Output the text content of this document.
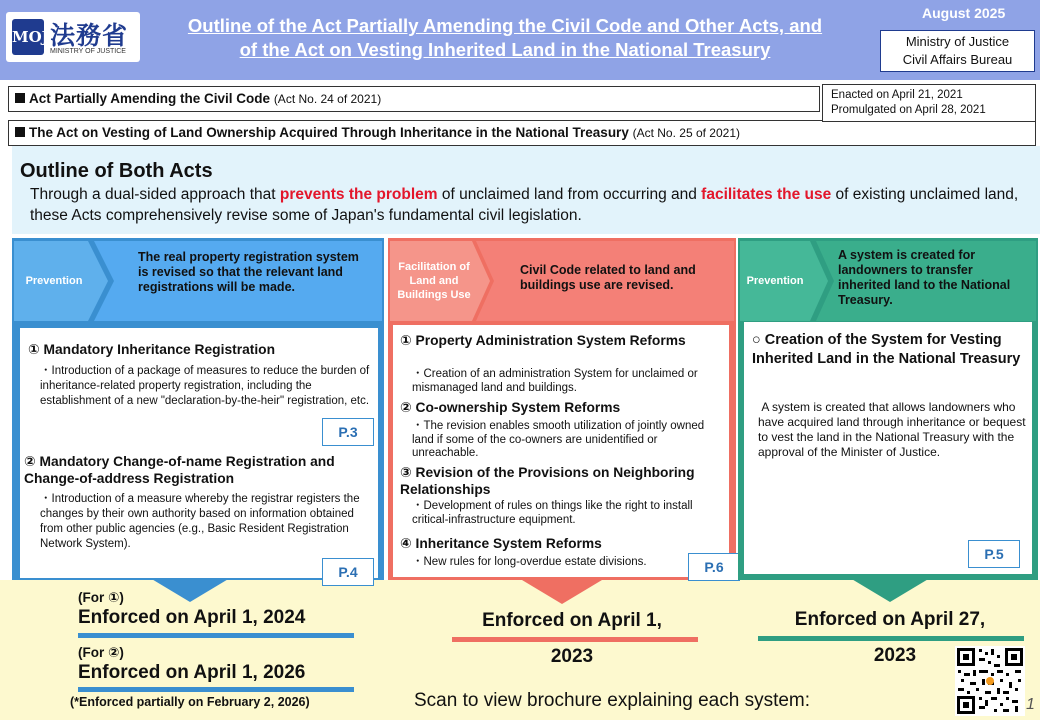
MOJ 法務省
MINISTRY OF JUSTICE
Outline of the Act Partially Amending the Civil Code and Other Acts, and
of the Act on Vesting Inherited Land in the National Treasury
August 2025
Ministry of Justice
Civil Affairs Bureau
Act Partially Amending the Civil Code (Act No. 24 of 2021)
The Act on Vesting of Land Ownership Acquired Through Inheritance in the National Treasury (Act No. 25 of 2021)
Enacted on April 21, 2021
Promulgated on April 28, 2021
Outline of Both Acts
Through a dual-sided approach that prevents the problem of unclaimed land from occurring and facilitates the use of existing unclaimed land, these Acts comprehensively revise some of Japan's fundamental civil legislation.
Prevention
The real property registration system is revised so that the relevant land registrations will be made.
① Mandatory Inheritance Registration
・Introduction of a package of measures to reduce the burden of inheritance-related property registration, including the establishment of a new "declaration-by-the-heir" registration, etc.
P.3
② Mandatory Change-of-name Registration and Change-of-address Registration
・Introduction of a measure whereby the registrar registers the changes by their own authority based on information obtained from other public agencies (e.g., Basic Resident Registration Network System).
P.4
Facilitation of Land and Buildings Use
Civil Code related to land and buildings use are revised.
① Property Administration System Reforms
・Creation of an administration System for unclaimed or mismanaged land and buildings.
② Co-ownership System Reforms
・The revision enables smooth utilization of jointly owned land if some of the co-owners are unidentified or unreachable.
③ Revision of the Provisions on Neighboring Relationships
・Development of rules on things like the right to install critical-infrastructure equipment.
④ Inheritance System Reforms
・New rules for long-overdue estate divisions.	P.6
Prevention
A system is created for landowners to transfer inherited land to the National Treasury.
○ Creation of the System for Vesting Inherited Land in the National Treasury
A system is created that allows landowners who have acquired land through inheritance or bequest to vest the land in the National Treasury with the approval of the Minister of Justice.
P.5
(For ①)
Enforced on April 1, 2024
(For ②)
Enforced on April 1, 2026
(*Enforced partially on February 2, 2026)
Enforced on April 1,
2023
Enforced on April 27,
2023
Scan to view brochure explaining each system:	1
